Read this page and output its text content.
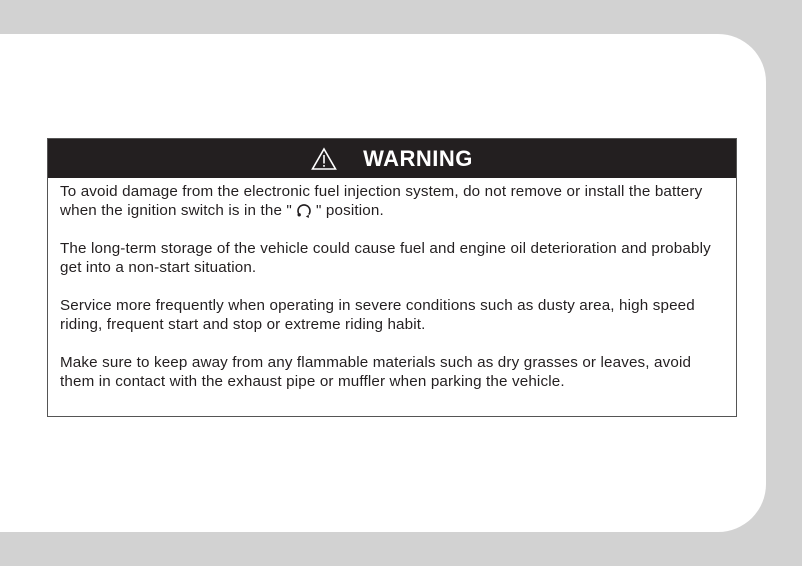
WARNING

To avoid damage from the electronic fuel injection system, do not remove or install the battery when the ignition switch is in the " " position.

The long-term storage of the vehicle could cause fuel and engine oil deterioration and probably get into a non-start situation.

Service more frequently when operating in severe conditions such as dusty area, high speed riding, frequent start and stop or extreme riding habit.

Make sure to keep away from any flammable materials such as dry grasses or leaves, avoid them in contact with the exhaust pipe or muffler when parking the vehicle.
